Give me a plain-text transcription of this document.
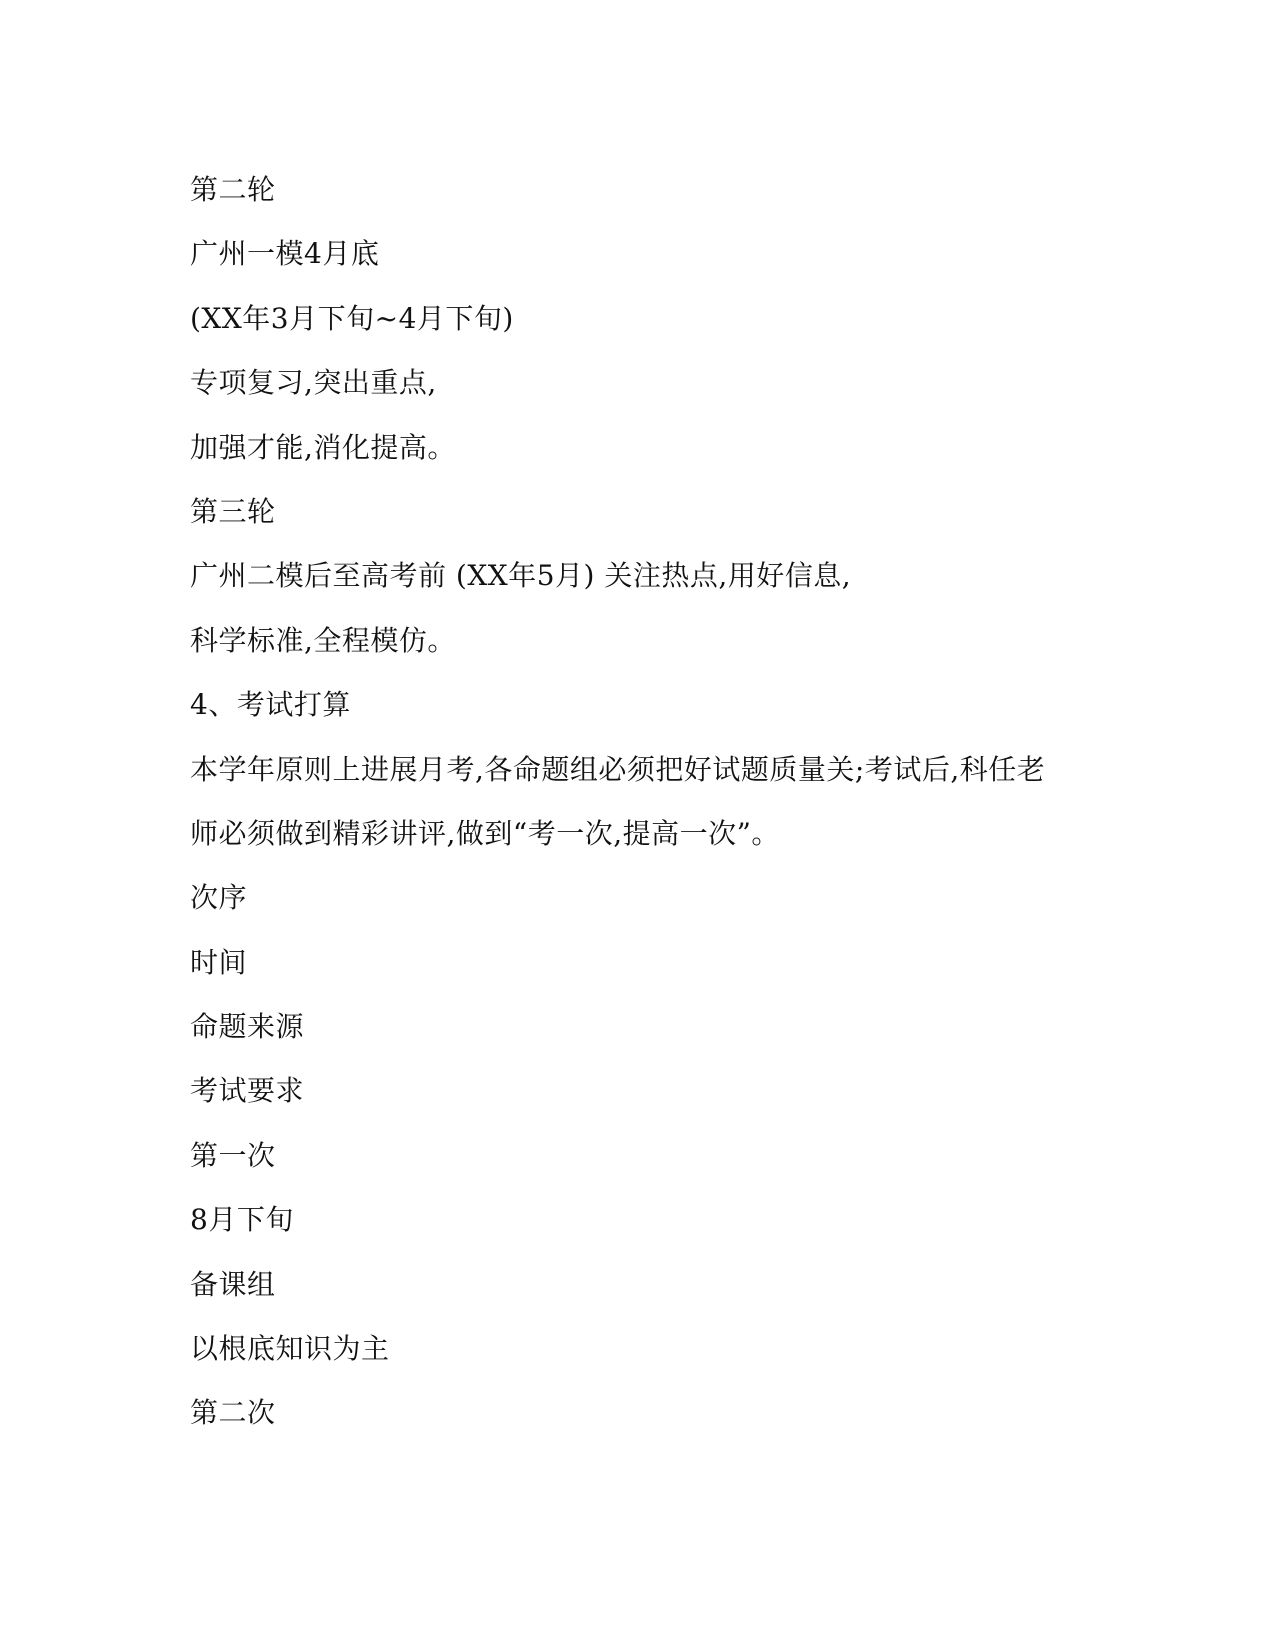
第二轮
广州一模4月底
(XX年3月下旬~4月下旬)
专项复习,突出重点,
加强才能,消化提高。
第三轮
广州二模后至高考前 (XX年5月) 关注热点,用好信息,
科学标准,全程模仿。
4、考试打算
本学年原则上进展月考,各命题组必须把好试题质量关;考试后,科任老
师必须做到精彩讲评,做到“考一次,提高一次”。
次序
时间
命题来源
考试要求
第一次
8月下旬
备课组
以根底知识为主
第二次
